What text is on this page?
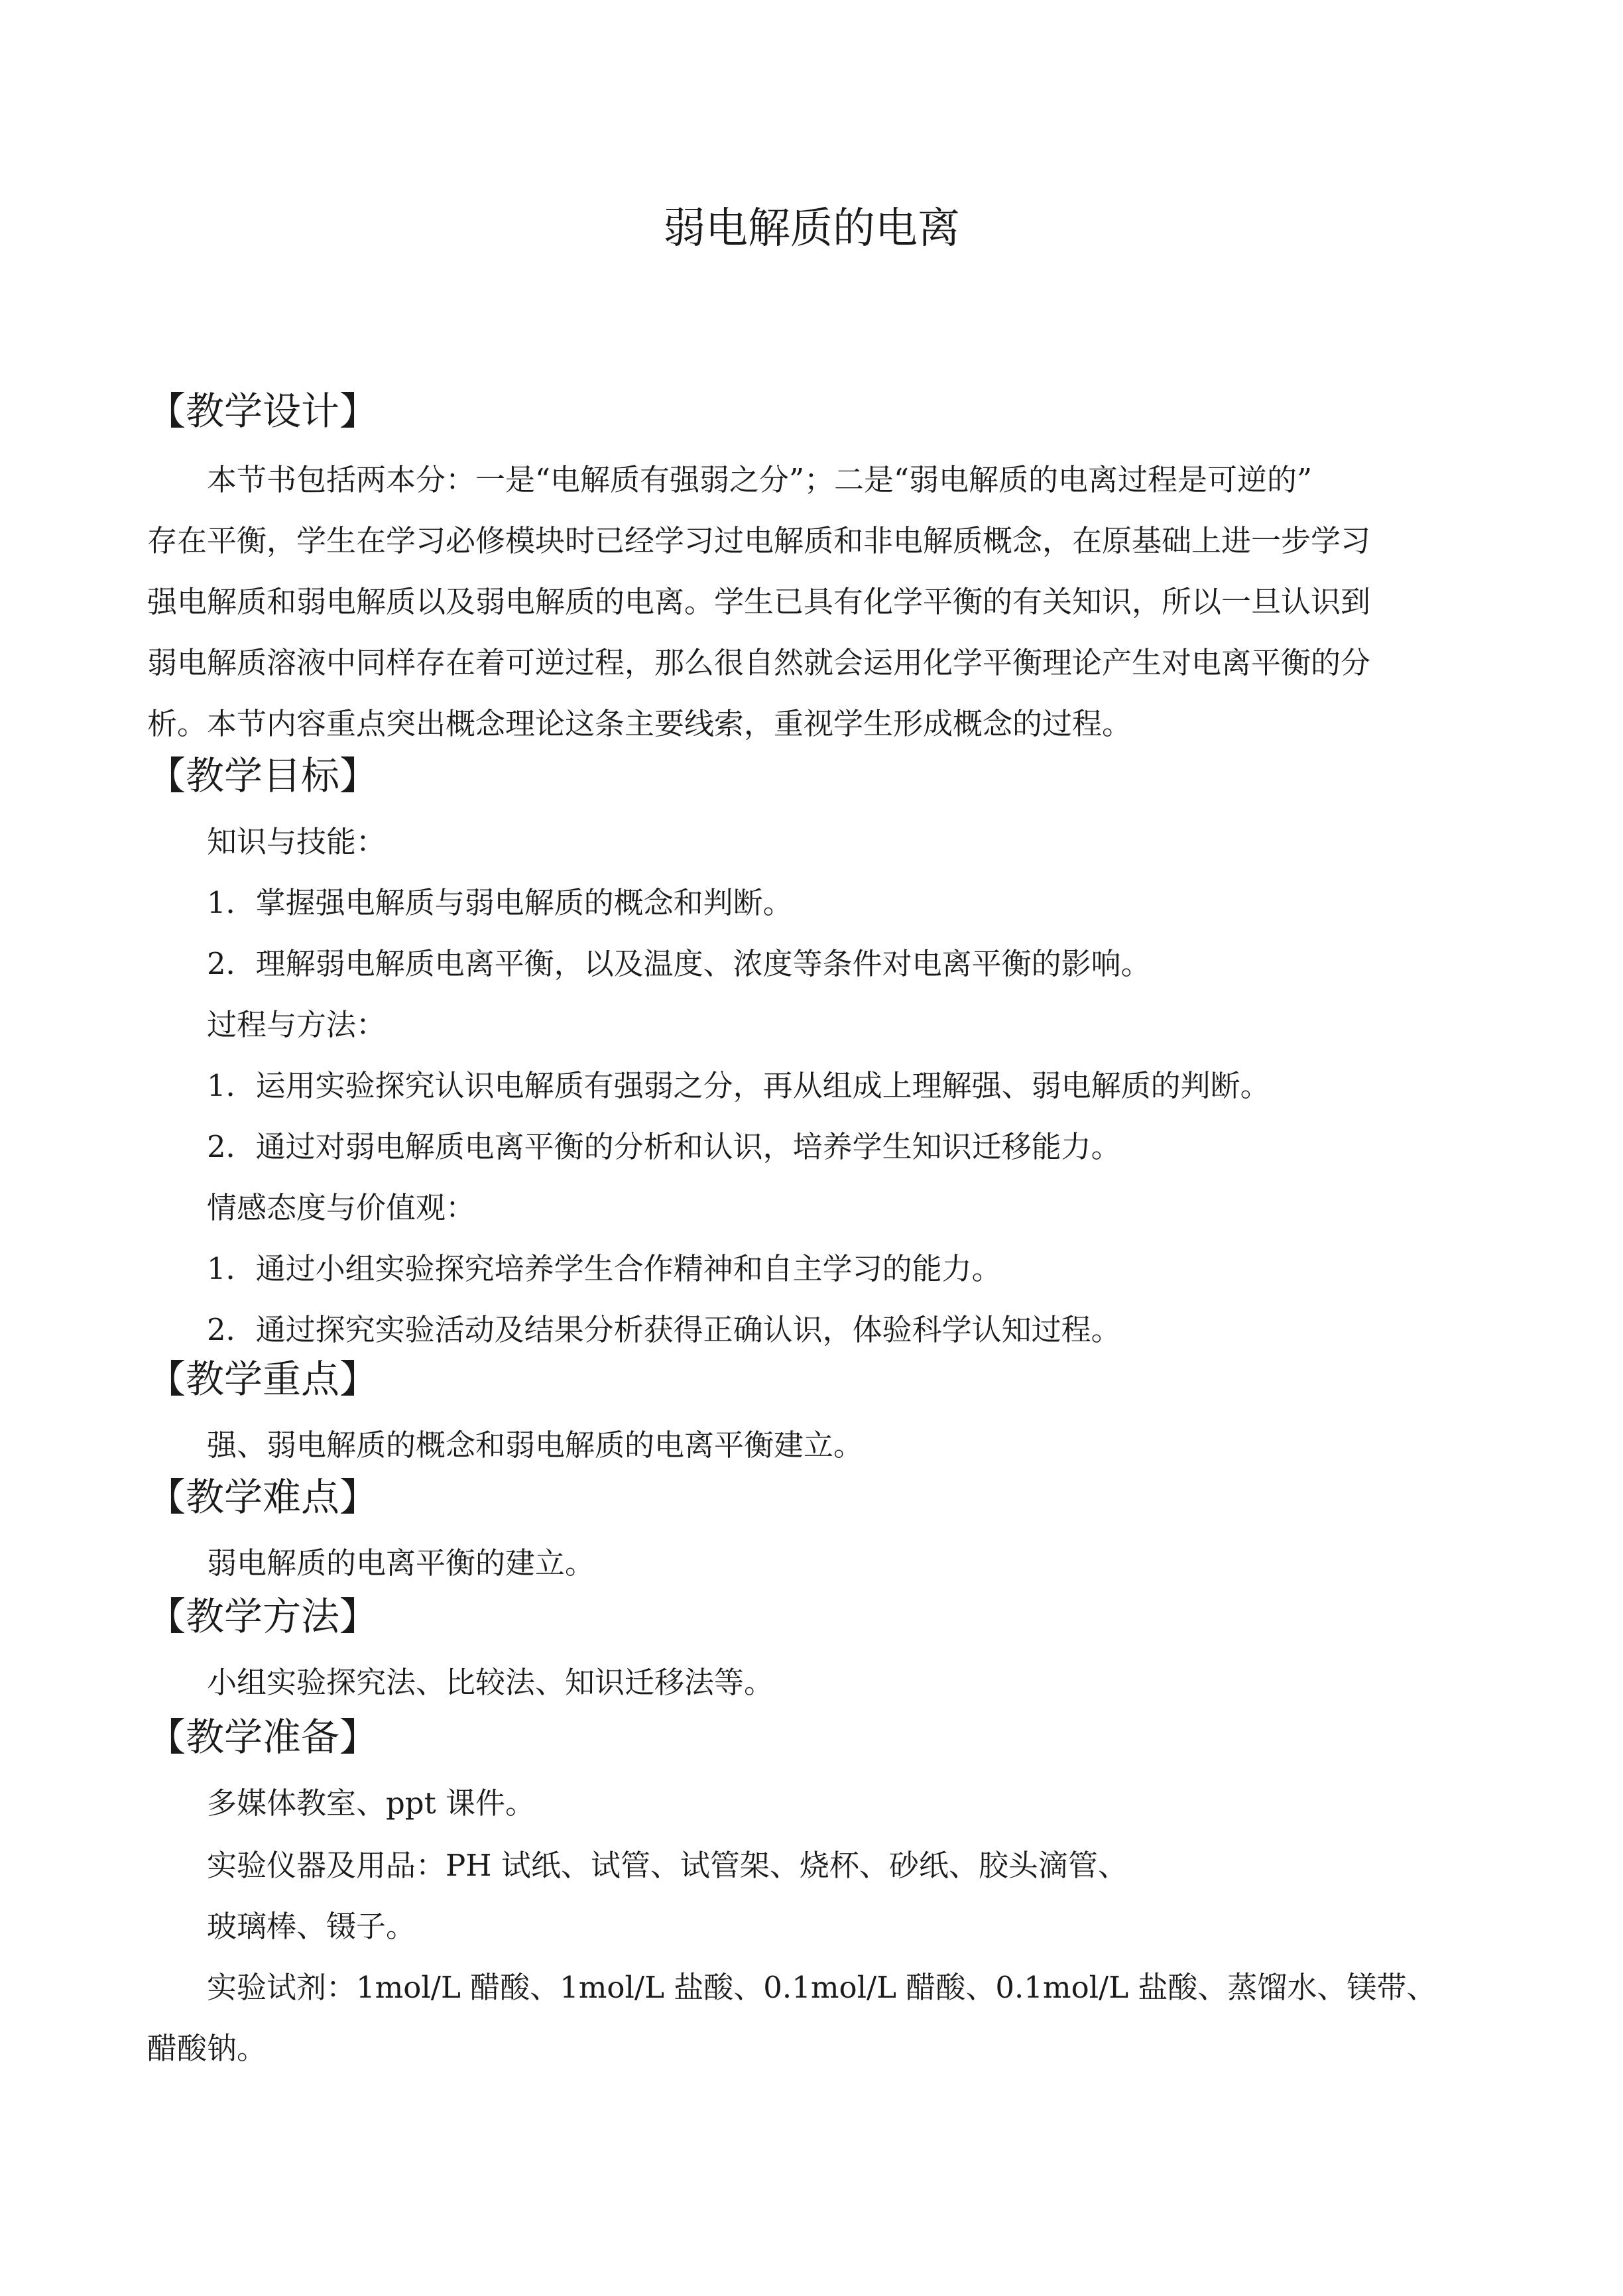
弱电解质的电离
【教学设计】
本节书包括两本分：一是“电解质有强弱之分”；二是“弱电解质的电离过程是可逆的”
存在平衡，学生在学习必修模块时已经学习过电解质和非电解质概念，在原基础上进一步学习
强电解质和弱电解质以及弱电解质的电离。学生已具有化学平衡的有关知识，所以一旦认识到
弱电解质溶液中同样存在着可逆过程，那么很自然就会运用化学平衡理论产生对电离平衡的分
析。本节内容重点突出概念理论这条主要线索，重视学生形成概念的过程。
【教学目标】
知识与技能：
1．掌握强电解质与弱电解质的概念和判断。
2．理解弱电解质电离平衡，以及温度、浓度等条件对电离平衡的影响。
过程与方法：
1．运用实验探究认识电解质有强弱之分，再从组成上理解强、弱电解质的判断。
2．通过对弱电解质电离平衡的分析和认识，培养学生知识迁移能力。
情感态度与价值观：
1．通过小组实验探究培养学生合作精神和自主学习的能力。
2．通过探究实验活动及结果分析获得正确认识，体验科学认知过程。
【教学重点】
强、弱电解质的概念和弱电解质的电离平衡建立。
【教学难点】
弱电解质的电离平衡的建立。
【教学方法】
小组实验探究法、比较法、知识迁移法等。
【教学准备】
多媒体教室、ppt 课件。
实验仪器及用品：PH 试纸、试管、试管架、烧杯、砂纸、胶头滴管、
玻璃棒、镊子。
实验试剂：1mol/L 醋酸、1mol/L 盐酸、0.1mol/L 醋酸、0.1mol/L 盐酸、蒸馏水、镁带、
醋酸钠。
